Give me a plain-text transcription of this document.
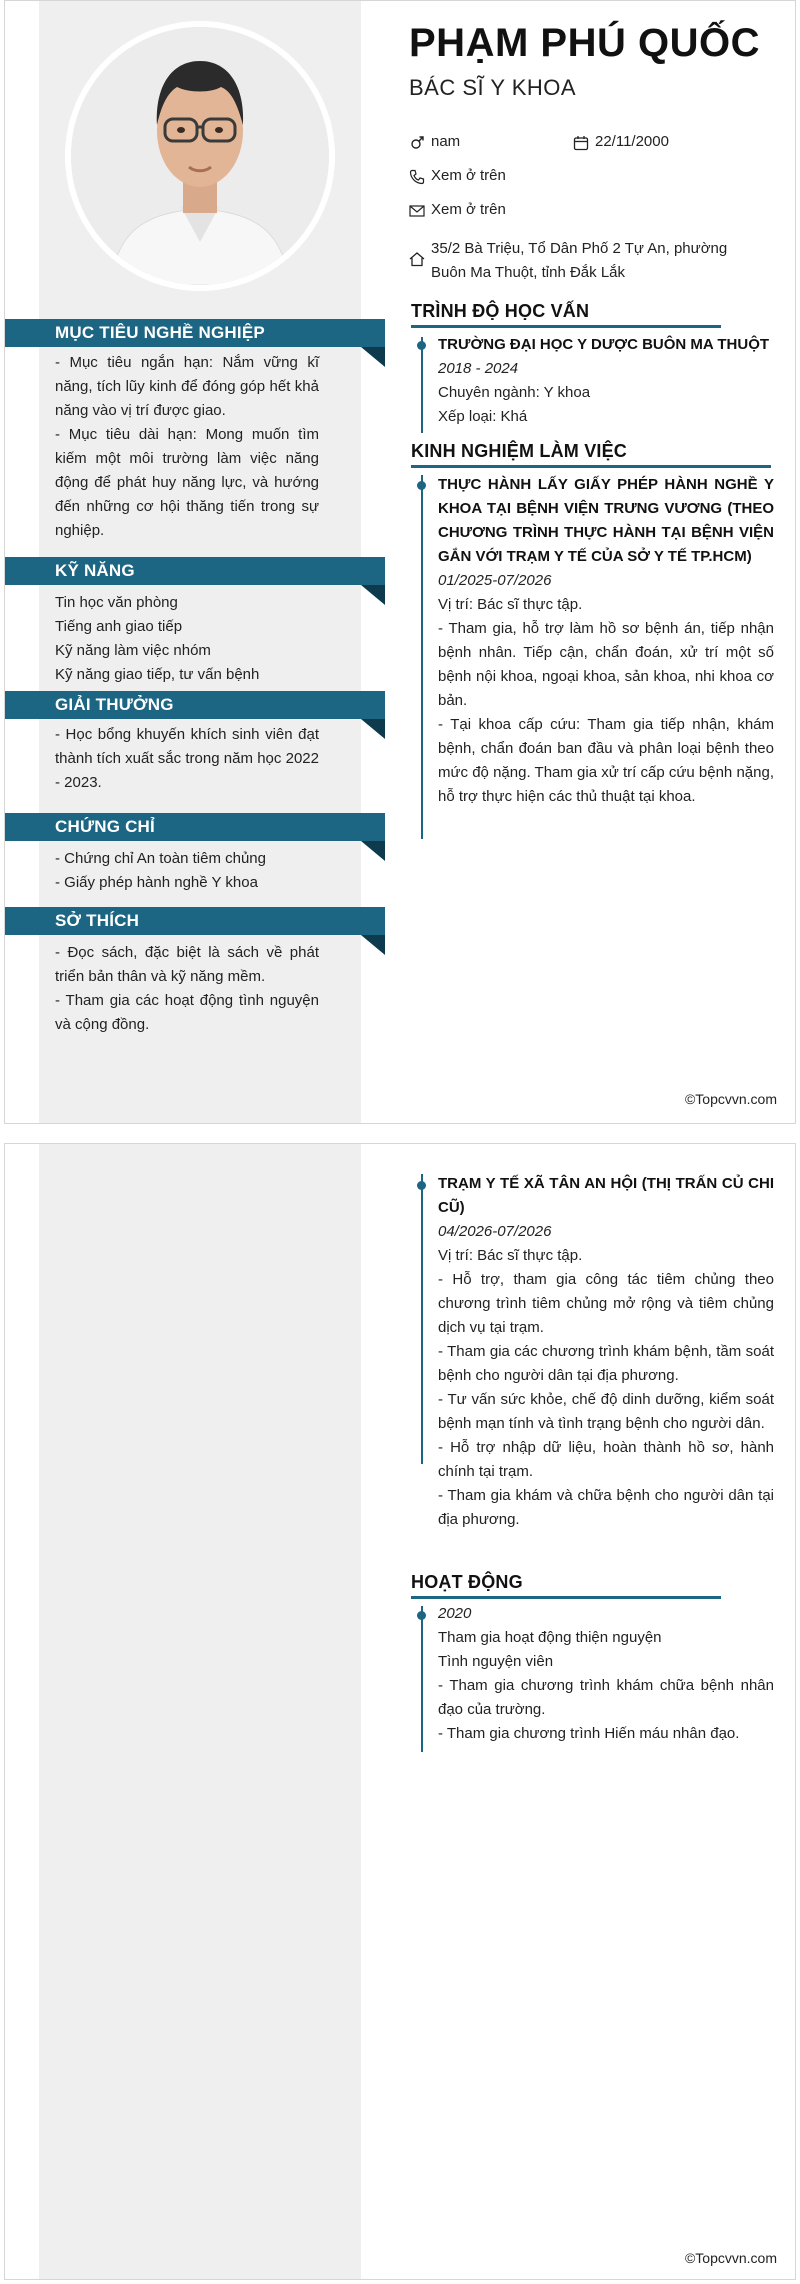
MỤC TIÊU NGHỀ NGHIỆP
- Mục tiêu ngắn hạn: Nắm vững kĩ năng, tích lũy kinh để đóng góp hết khả năng vào vị trí được giao.
- Mục tiêu dài hạn: Mong muốn tìm kiếm một môi trường làm việc năng động để phát huy năng lực, và hướng đến những cơ hội thăng tiến trong sự nghiệp.
KỸ NĂNG
Tin học văn phòng
Tiếng anh giao tiếp
Kỹ năng làm việc nhóm
Kỹ năng giao tiếp, tư vấn bệnh
GIẢI THƯỞNG
- Học bổng khuyến khích sinh viên đạt thành tích xuất sắc trong năm học 2022 - 2023.
CHỨNG CHỈ
- Chứng chỉ An toàn tiêm chủng
- Giấy phép hành nghề Y khoa
SỞ THÍCH
- Đọc sách, đặc biệt là sách về phát triển bản thân và kỹ năng mềm.
- Tham gia các hoạt động tình nguyện và cộng đồng.
PHẠM PHÚ QUỐC
BÁC SĨ Y KHOA
nam	22/11/2000
Xem ở trên
Xem ở trên
35/2 Bà Triệu, Tổ Dân Phố 2 Tự An, phường
Buôn Ma Thuột, tỉnh Đắk Lắk
TRÌNH ĐỘ HỌC VẤN
TRƯỜNG ĐẠI HỌC Y DƯỢC BUÔN MA THUỘT
2018 - 2024
Chuyên ngành: Y khoa
Xếp loại: Khá
KINH NGHIỆM LÀM VIỆC
THỰC HÀNH LẤY GIẤY PHÉP HÀNH NGHỀ Y KHOA TẠI BỆNH VIỆN TRƯNG VƯƠNG (THEO CHƯƠNG TRÌNH THỰC HÀNH TẠI BỆNH VIỆN GẮN VỚI TRẠM Y TẾ CỦA SỞ Y TẾ TP.HCM)
01/2025-07/2026
Vị trí: Bác sĩ thực tập.
- Tham gia, hỗ trợ làm hồ sơ bệnh án, tiếp nhận bệnh nhân. Tiếp cận, chẩn đoán, xử trí một số bệnh nội khoa, ngoại khoa, sản khoa, nhi khoa cơ bản.
- Tại khoa cấp cứu: Tham gia tiếp nhận, khám bệnh, chẩn đoán ban đầu và phân loại bệnh theo mức độ nặng. Tham gia xử trí cấp cứu bệnh nặng, hỗ trợ thực hiện các thủ thuật tại khoa.
©Topcvvn.com
TRẠM Y TẾ XÃ TÂN AN HỘI (THỊ TRẤN CỦ CHI CŨ)
04/2026-07/2026
Vị trí: Bác sĩ thực tập.
- Hỗ trợ, tham gia công tác tiêm chủng theo chương trình tiêm chủng mở rộng và tiêm chủng dịch vụ tại trạm.
- Tham gia các chương trình khám bệnh, tầm soát bệnh cho người dân tại địa phương.
- Tư vấn sức khỏe, chế độ dinh dưỡng, kiểm soát bệnh mạn tính và tình trạng bệnh cho người dân.
- Hỗ trợ nhập dữ liệu, hoàn thành hồ sơ, hành chính tại trạm.
- Tham gia khám và chữa bệnh cho người dân tại địa phương.
HOẠT ĐỘNG
2020
Tham gia hoạt động thiện nguyện
Tình nguyện viên
- Tham gia chương trình khám chữa bệnh nhân đạo của trường.
- Tham gia chương trình Hiến máu nhân đạo.
©Topcvvn.com
